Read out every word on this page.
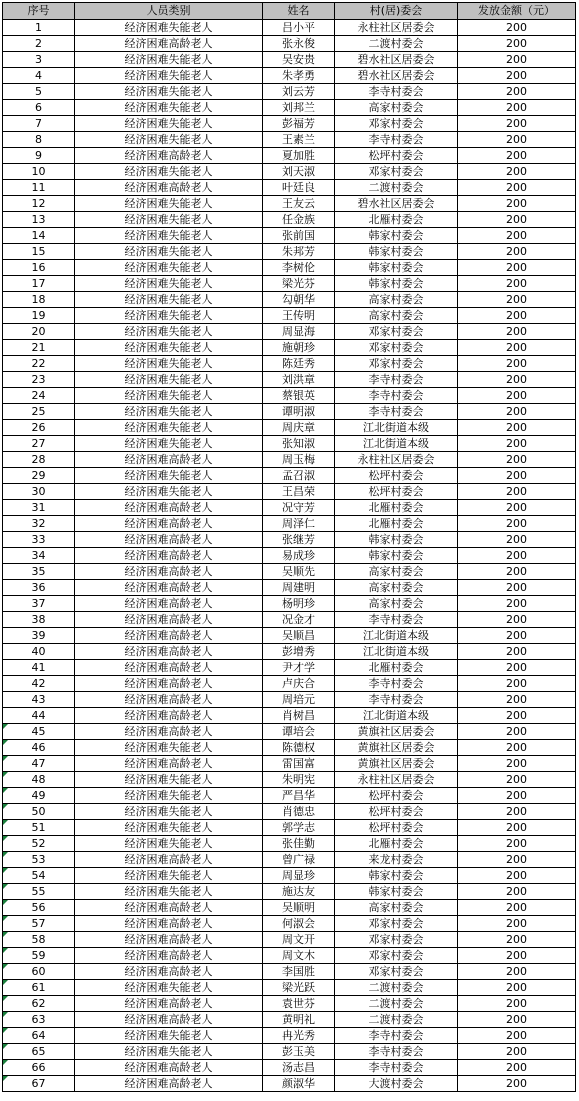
序号	人员类别	姓名	村(居)委会	发放金额（元）
1	经济困难失能老人	吕小平	永柱社区居委会	200
2	经济困难高龄老人	张永俊	二渡村委会	200
3	经济困难失能老人	吴安贵	碧水社区居委会	200
4	经济困难失能老人	朱孝勇	碧水社区居委会	200
5	经济困难失能老人	刘云芳	李寺村委会	200
6	经济困难失能老人	刘邦兰	高家村委会	200
7	经济困难失能老人	彭福芳	邓家村委会	200
8	经济困难失能老人	王素兰	李寺村委会	200
9	经济困难高龄老人	夏加胜	松坪村委会	200
10	经济困难失能老人	刘天淑	邓家村委会	200
11	经济困难高龄老人	叶廷良	二渡村委会	200
12	经济困难失能老人	王友云	碧水社区居委会	200
13	经济困难失能老人	任金族	北雁村委会	200
14	经济困难失能老人	张前国	韩家村委会	200
15	经济困难失能老人	朱邦芳	韩家村委会	200
16	经济困难失能老人	李树伦	韩家村委会	200
17	经济困难失能老人	梁光芬	韩家村委会	200
18	经济困难失能老人	勾朝华	高家村委会	200
19	经济困难失能老人	王传明	高家村委会	200
20	经济困难失能老人	周显海	邓家村委会	200
21	经济困难失能老人	施朝珍	邓家村委会	200
22	经济困难失能老人	陈廷秀	邓家村委会	200
23	经济困难失能老人	刘洪章	李寺村委会	200
24	经济困难失能老人	蔡银英	李寺村委会	200
25	经济困难失能老人	谭明淑	李寺村委会	200
26	经济困难失能老人	周庆章	江北街道本级	200
27	经济困难失能老人	张知淑	江北街道本级	200
28	经济困难高龄老人	周玉梅	永柱社区居委会	200
29	经济困难失能老人	孟召淑	松坪村委会	200
30	经济困难失能老人	王昌荣	松坪村委会	200
31	经济困难高龄老人	况守芳	北雁村委会	200
32	经济困难高龄老人	周泽仁	北雁村委会	200
33	经济困难高龄老人	张继芳	韩家村委会	200
34	经济困难高龄老人	易成珍	韩家村委会	200
35	经济困难高龄老人	吴顺先	高家村委会	200
36	经济困难高龄老人	周建明	高家村委会	200
37	经济困难高龄老人	杨明珍	高家村委会	200
38	经济困难高龄老人	况金才	李寺村委会	200
39	经济困难高龄老人	吴顺昌	江北街道本级	200
40	经济困难高龄老人	彭增秀	江北街道本级	200
41	经济困难高龄老人	尹才学	北雁村委会	200
42	经济困难高龄老人	卢庆合	李寺村委会	200
43	经济困难高龄老人	周培元	李寺村委会	200
44	经济困难高龄老人	肖树昌	江北街道本级	200

45	经济困难高龄老人	谭培会	黄旗社区居委会	200

46	经济困难失能老人	陈德权	黄旗社区居委会	200

47	经济困难高龄老人	雷国富	黄旗社区居委会	200

48	经济困难失能老人	朱明宪	永柱社区居委会	200

49	经济困难失能老人	严昌华	松坪村委会	200

50	经济困难失能老人	肖德忠	松坪村委会	200

51	经济困难失能老人	郭学志	松坪村委会	200

52	经济困难失能老人	张佳勤	北雁村委会	200

53	经济困难高龄老人	曾广禄	来龙村委会	200

54	经济困难失能老人	周显珍	韩家村委会	200

55	经济困难失能老人	施达友	韩家村委会	200

56	经济困难高龄老人	吴顺明	高家村委会	200

57	经济困难高龄老人	何淑会	邓家村委会	200

58	经济困难高龄老人	周文开	邓家村委会	200

59	经济困难高龄老人	周文木	邓家村委会	200

60	经济困难高龄老人	李国胜	邓家村委会	200

61	经济困难失能老人	梁光跃	二渡村委会	200

62	经济困难高龄老人	袁世芬	二渡村委会	200

63	经济困难高龄老人	黄明礼	二渡村委会	200

64	经济困难失能老人	冉光秀	李寺村委会	200

65	经济困难失能老人	彭玉美	李寺村委会	200

66	经济困难高龄老人	汤志昌	李寺村委会	200

67	经济困难高龄老人	颜淑华	大渡村委会	200
